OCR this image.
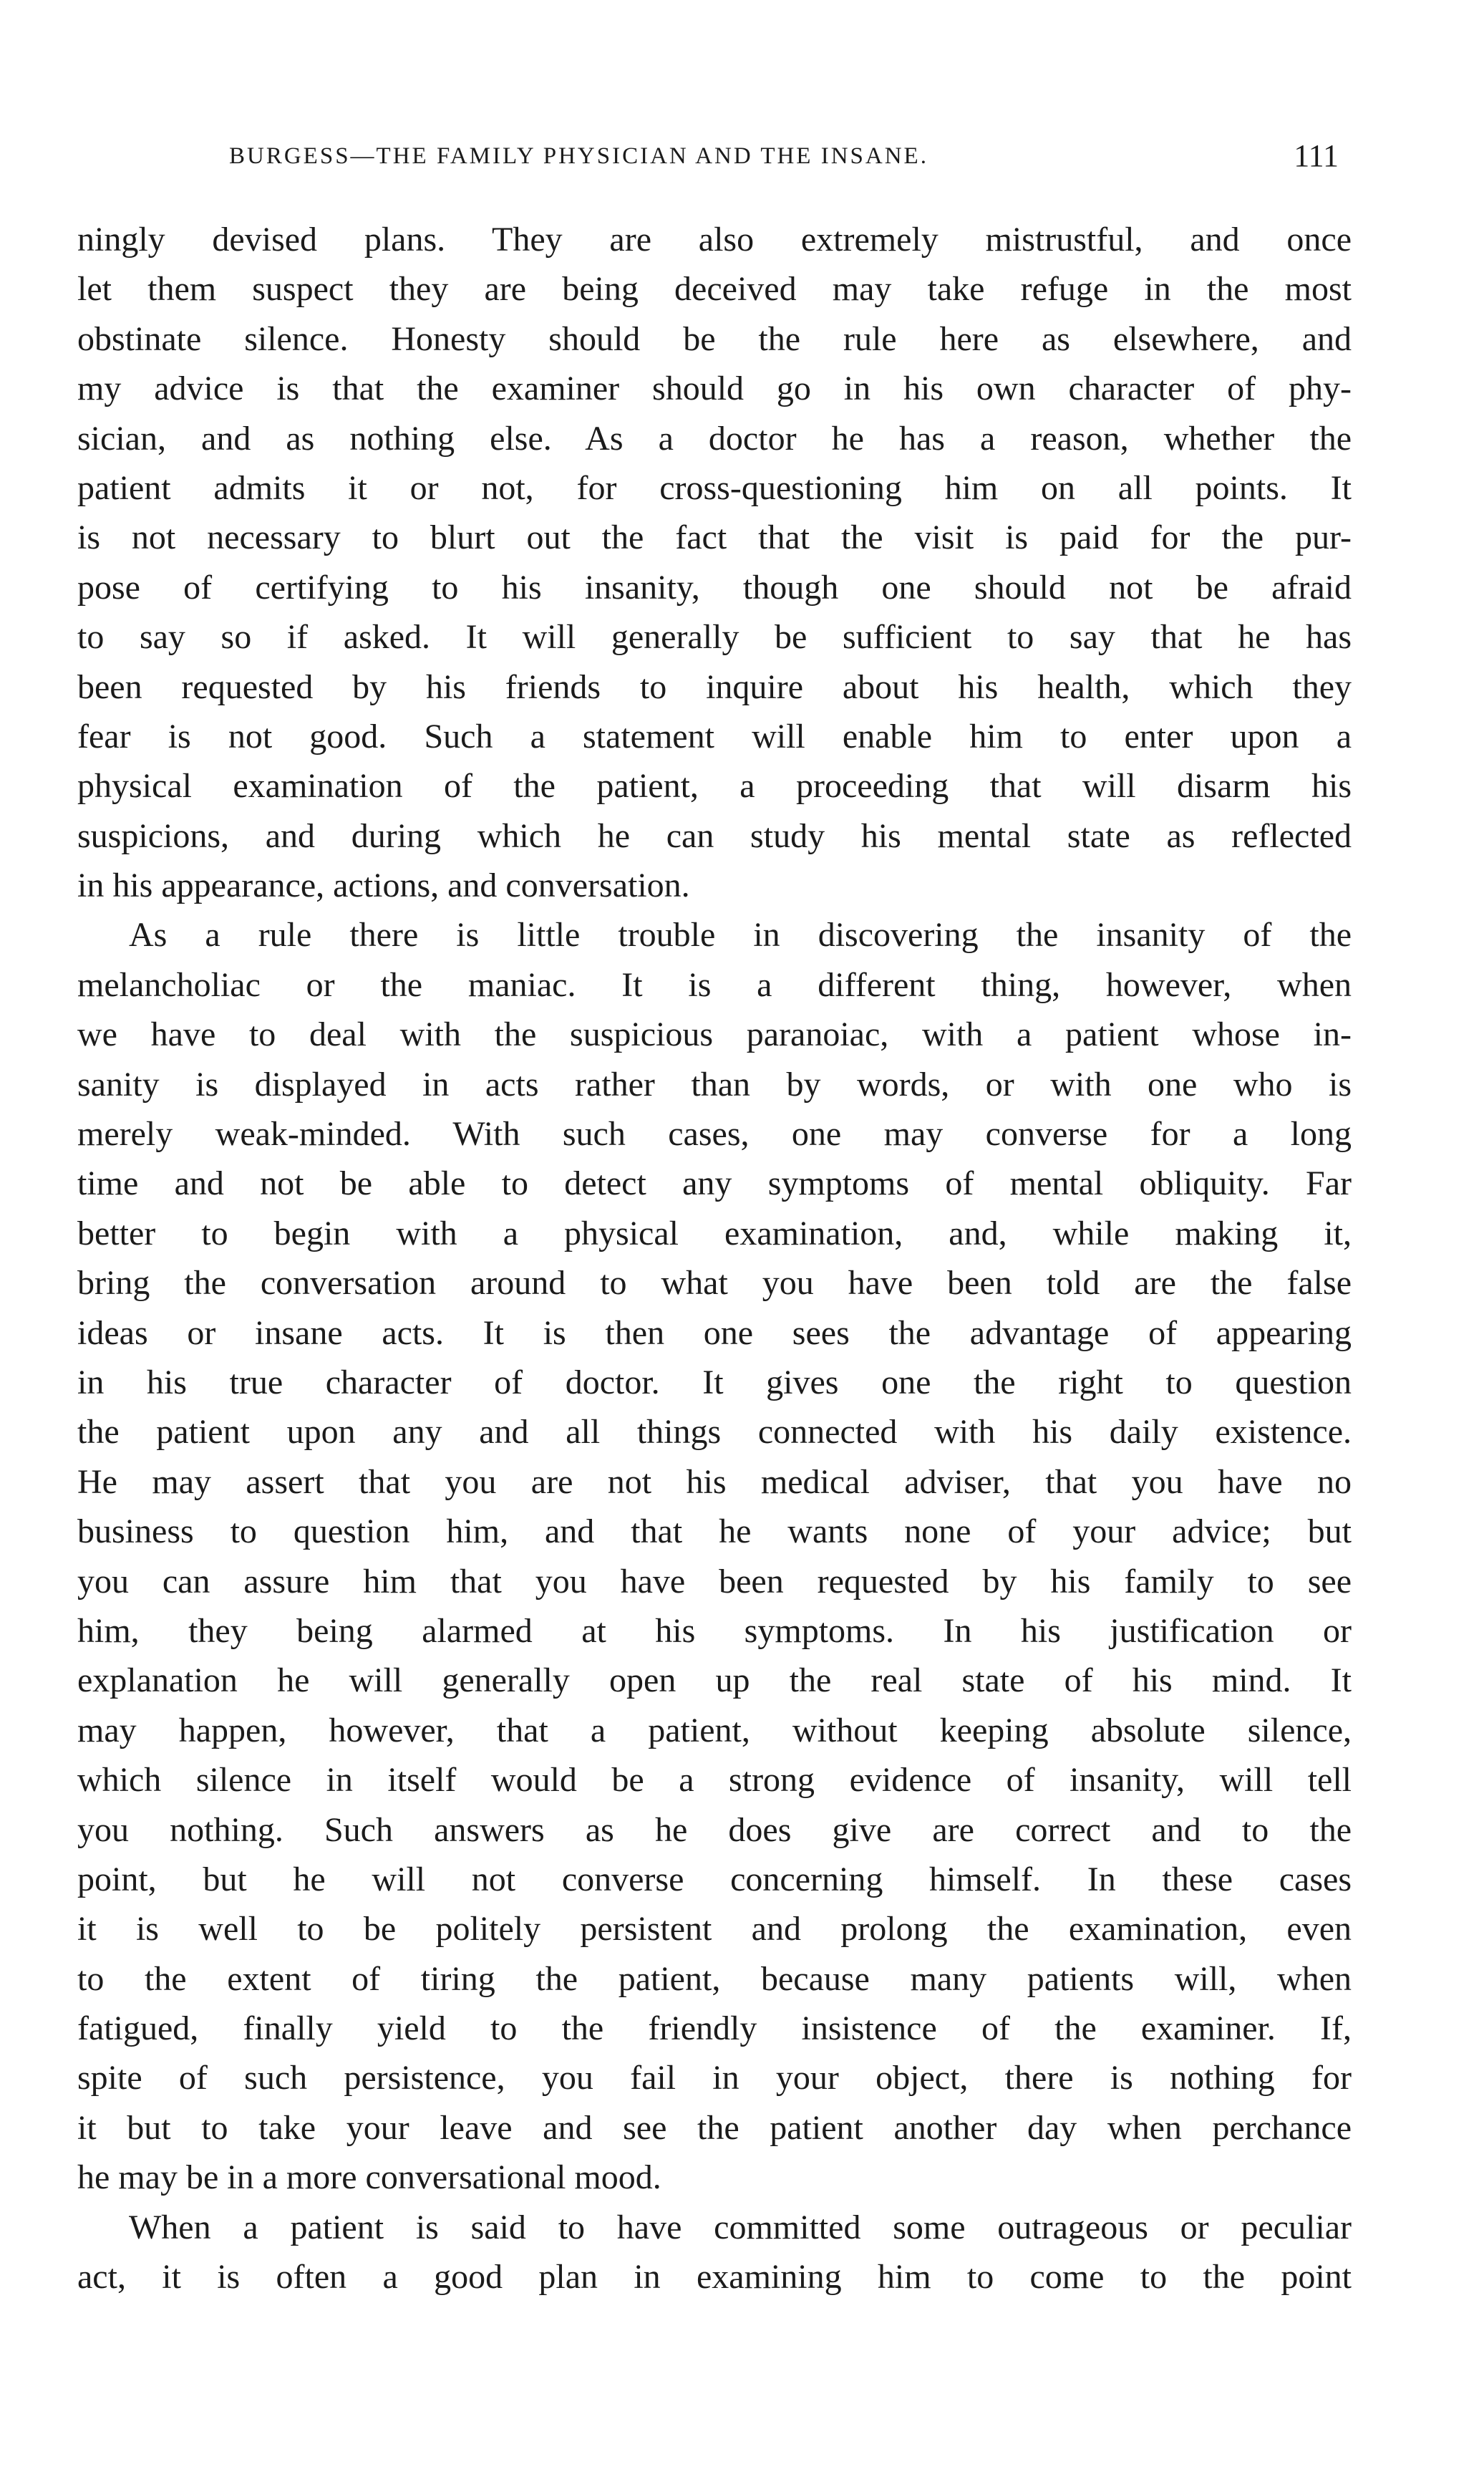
BURGESS—THE FAMILY PHYSICIAN AND THE INSANE.	111
ningly devised plans. They are also extremely mistrustful, and once
let them suspect they are being deceived may take refuge in the most
obstinate silence. Honesty should be the rule here as elsewhere, and
my advice is that the examiner should go in his own character of phy-
sician, and as nothing else. As a doctor he has a reason, whether the
patient admits it or not, for cross-questioning him on all points. It
is not necessary to blurt out the fact that the visit is paid for the pur-
pose of certifying to his insanity, though one should not be afraid
to say so if asked. It will generally be sufficient to say that he has
been requested by his friends to inquire about his health, which they
fear is not good. Such a statement will enable him to enter upon a
physical examination of the patient, a proceeding that will disarm his
suspicions, and during which he can study his mental state as reflected
in his appearance, actions, and conversation.
As a rule there is little trouble in discovering the insanity of the
melancholiac or the maniac. It is a different thing, however, when
we have to deal with the suspicious paranoiac, with a patient whose in-
sanity is displayed in acts rather than by words, or with one who is
merely weak-minded. With such cases, one may converse for a long
time and not be able to detect any symptoms of mental obliquity. Far
better to begin with a physical examination, and, while making it,
bring the conversation around to what you have been told are the false
ideas or insane acts. It is then one sees the advantage of appearing
in his true character of doctor. It gives one the right to question
the patient upon any and all things connected with his daily existence.
He may assert that you are not his medical adviser, that you have no
business to question him, and that he wants none of your advice; but
you can assure him that you have been requested by his family to see
him, they being alarmed at his symptoms. In his justification or
explanation he will generally open up the real state of his mind. It
may happen, however, that a patient, without keeping absolute silence,
which silence in itself would be a strong evidence of insanity, will tell
you nothing. Such answers as he does give are correct and to the
point, but he will not converse concerning himself. In these cases
it is well to be politely persistent and prolong the examination, even
to the extent of tiring the patient, because many patients will, when
fatigued, finally yield to the friendly insistence of the examiner. If,
spite of such persistence, you fail in your object, there is nothing for
it but to take your leave and see the patient another day when perchance
he may be in a more conversational mood.
When a patient is said to have committed some outrageous or peculiar
act, it is often a good plan in examining him to come to the point
